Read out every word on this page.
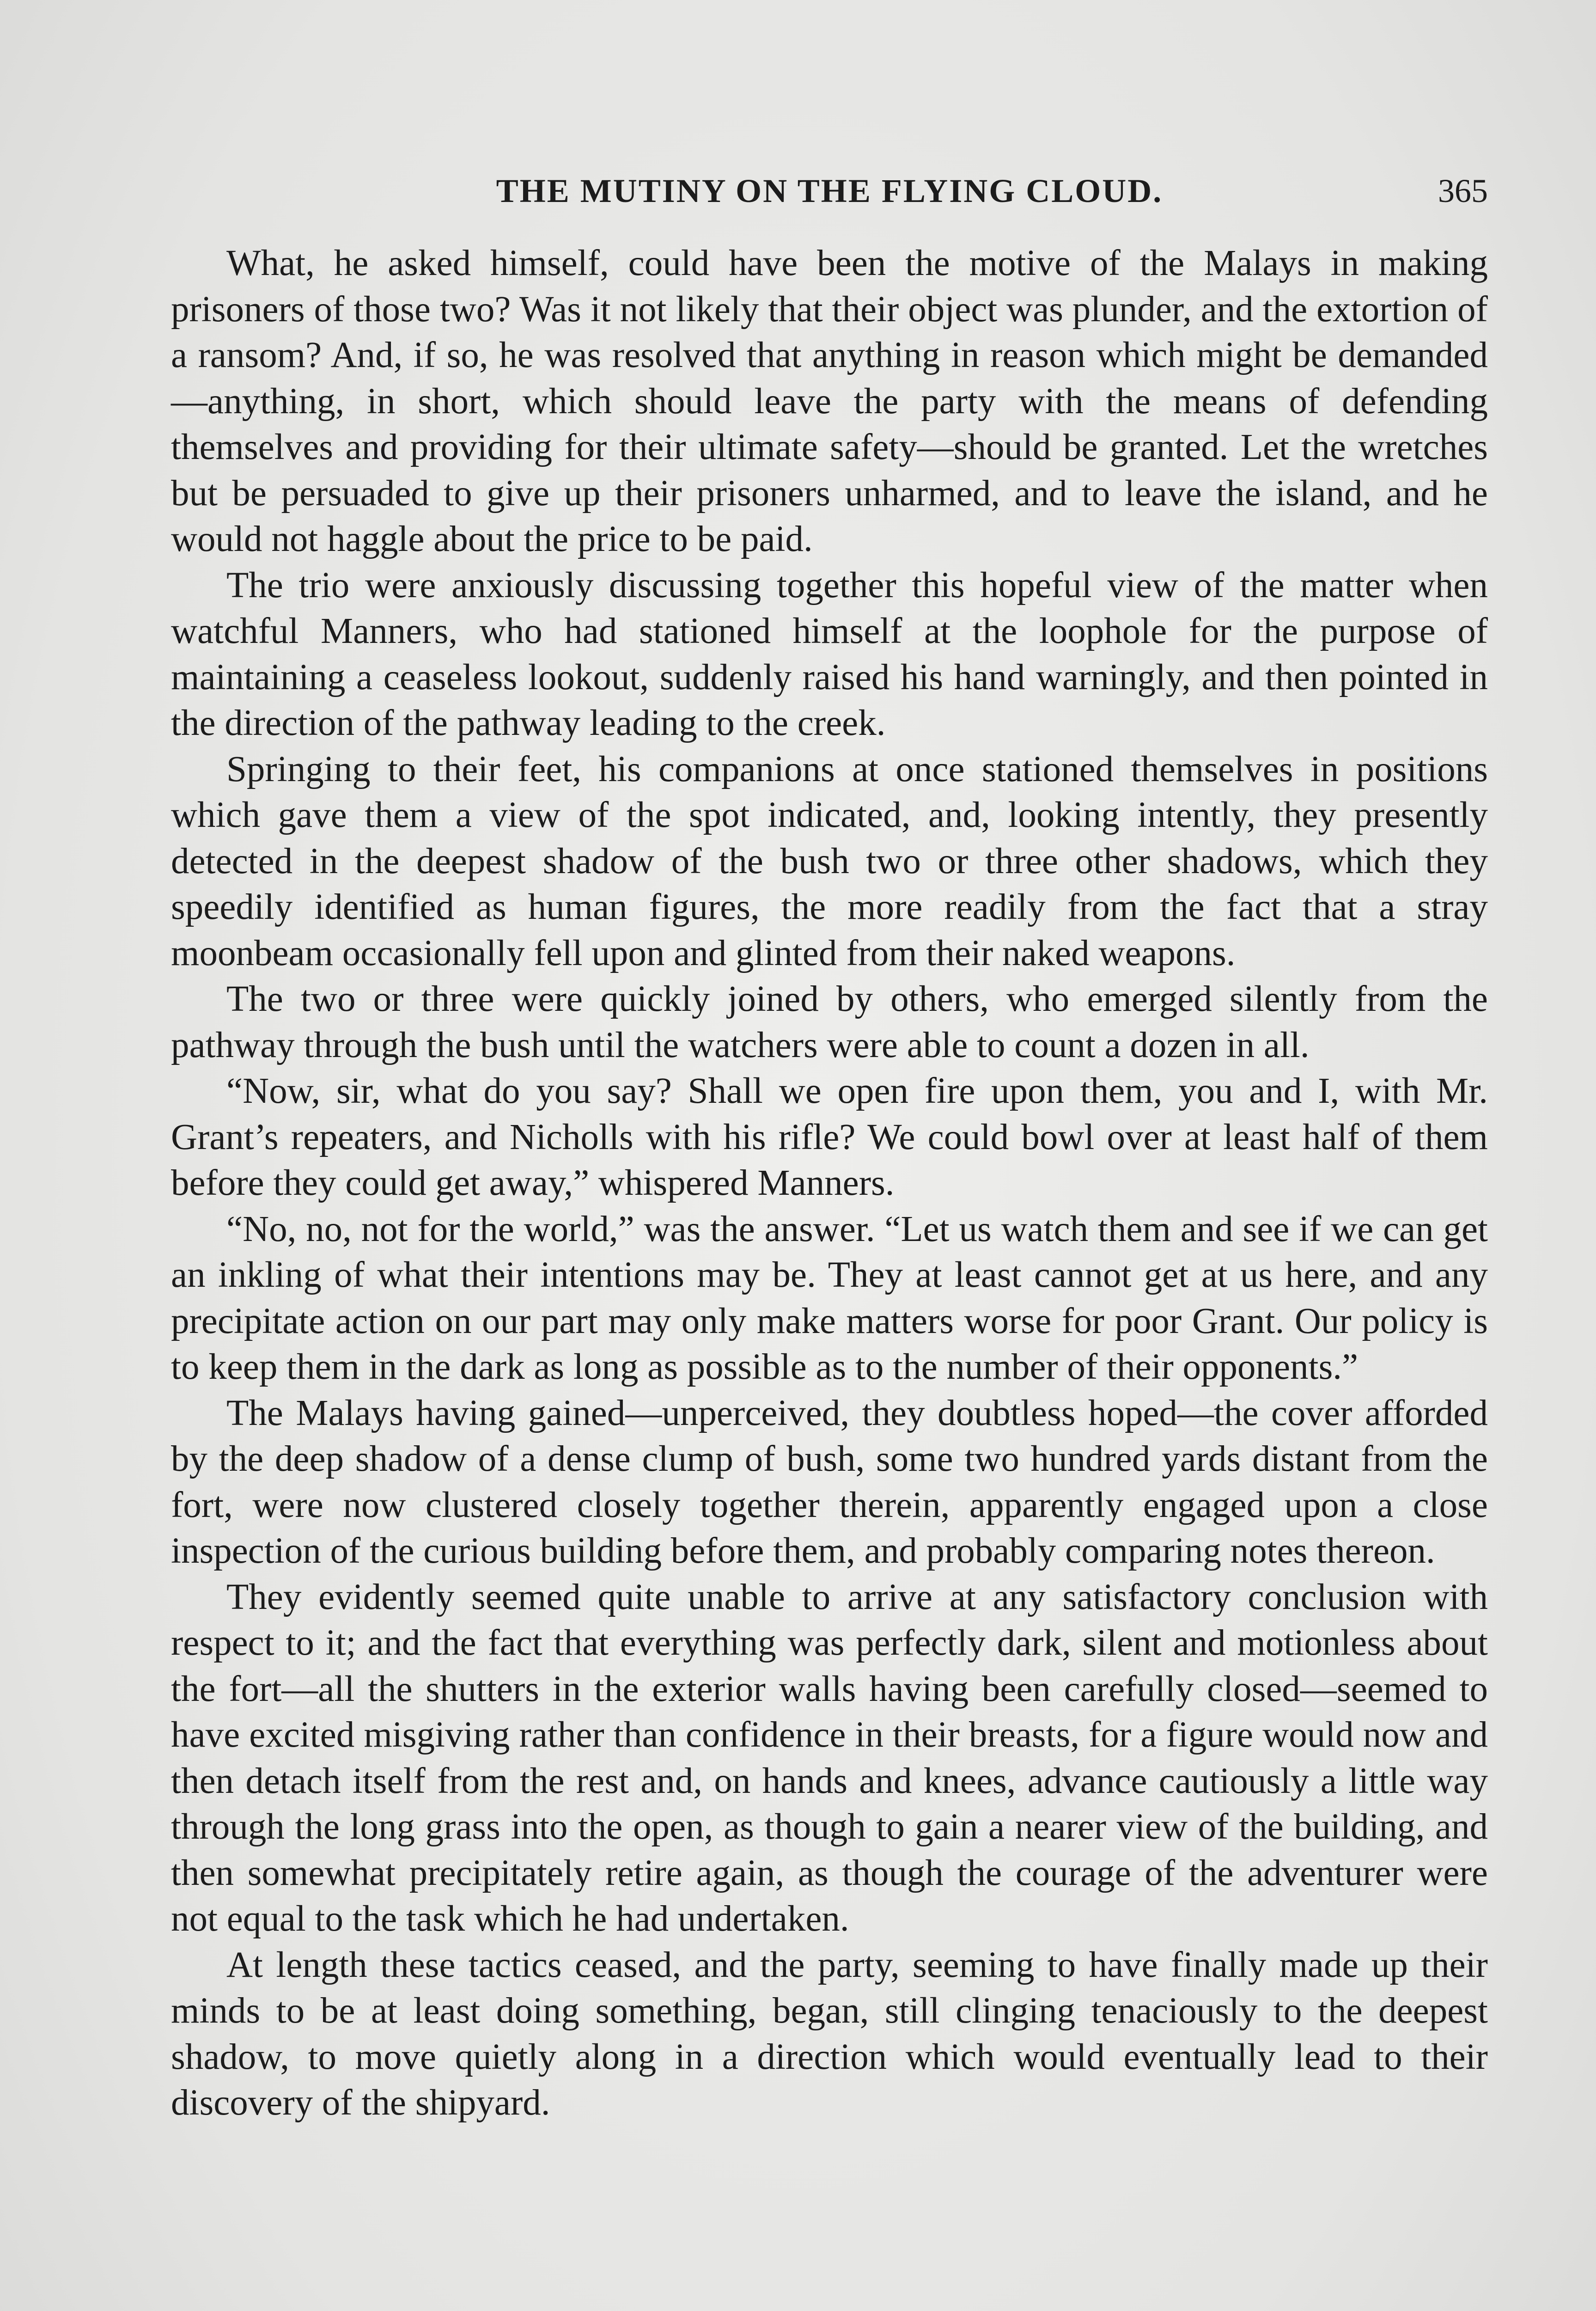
THE MUTINY ON THE FLYING CLOUD.	365

What, he asked himself, could have been the motive of the Malays in making prisoners of those two? Was it not likely that their object was plunder, and the extortion of a ransom? And, if so, he was resolved that anything in reason which might be demanded—anything, in short, which should leave the party with the means of defending themselves and providing for their ultimate safety—should be granted. Let the wretches but be persuaded to give up their prisoners unharmed, and to leave the island, and he would not haggle about the price to be paid.

The trio were anxiously discussing together this hopeful view of the matter when watchful Manners, who had stationed himself at the loophole for the purpose of maintaining a ceaseless lookout, suddenly raised his hand warningly, and then pointed in the direction of the pathway leading to the creek.

Springing to their feet, his companions at once stationed themselves in positions which gave them a view of the spot indicated, and, looking intently, they presently detected in the deepest shadow of the bush two or three other shadows, which they speedily identified as human figures, the more readily from the fact that a stray moonbeam occasionally fell upon and glinted from their naked weapons.

The two or three were quickly joined by others, who emerged silently from the pathway through the bush until the watchers were able to count a dozen in all.

“Now, sir, what do you say? Shall we open fire upon them, you and I, with Mr. Grant’s repeaters, and Nicholls with his rifle? We could bowl over at least half of them before they could get away,” whispered Manners.

“No, no, not for the world,” was the answer. “Let us watch them and see if we can get an inkling of what their intentions may be. They at least cannot get at us here, and any precipitate action on our part may only make matters worse for poor Grant. Our policy is to keep them in the dark as long as possible as to the number of their opponents.”

The Malays having gained—unperceived, they doubtless hoped—the cover afforded by the deep shadow of a dense clump of bush, some two hundred yards distant from the fort, were now clustered closely together therein, apparently engaged upon a close inspection of the curious building before them, and probably comparing notes thereon.

They evidently seemed quite unable to arrive at any satisfactory conclusion with respect to it; and the fact that everything was perfectly dark, silent and motionless about the fort—all the shutters in the exterior walls having been carefully closed—seemed to have excited misgiving rather than confidence in their breasts, for a figure would now and then detach itself from the rest and, on hands and knees, advance cautiously a little way through the long grass into the open, as though to gain a nearer view of the building, and then somewhat precipitately retire again, as though the courage of the adventurer were not equal to the task which he had undertaken.

At length these tactics ceased, and the party, seeming to have finally made up their minds to be at least doing something, began, still clinging tenaciously to the deepest shadow, to move quietly along in a direction which would eventually lead to their discovery of the shipyard.
